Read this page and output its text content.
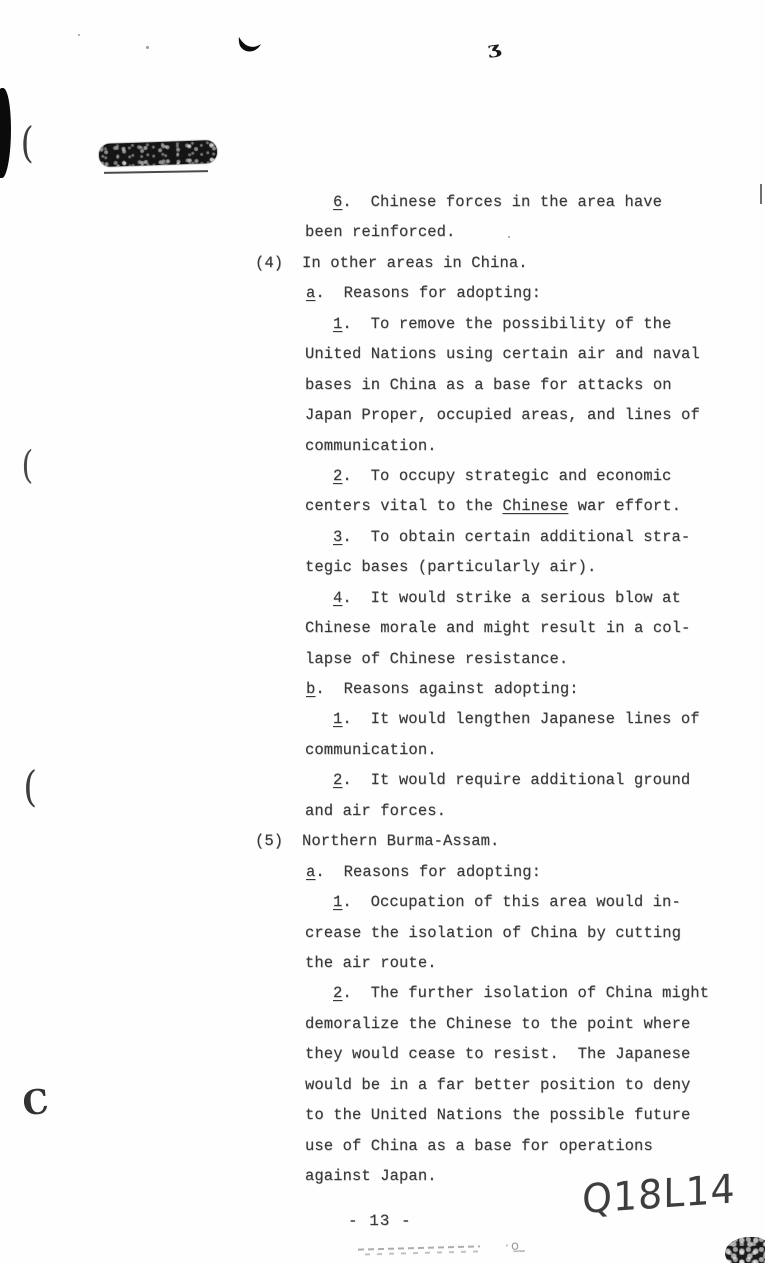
ʒ
(
(
(
C
6.  Chinese forces in the area have
been reinforced.
(4)  In other areas in China.
a.  Reasons for adopting:
1.  To remove the possibility of the
United Nations using certain air and naval
bases in China as a base for attacks on
Japan Proper, occupied areas, and lines of
communication.
2.  To occupy strategic and economic
centers vital to the Chinese war effort.
3.  To obtain certain additional stra-
tegic bases (particularly air).
4.  It would strike a serious blow at
Chinese morale and might result in a col-
lapse of Chinese resistance.
b.  Reasons against adopting:
1.  It would lengthen Japanese lines of
communication.
2.  It would require additional ground
and air forces.
(5)  Northern Burma-Assam.
a.  Reasons for adopting:
1.  Occupation of this area would in-
crease the isolation of China by cutting
the air route.
2.  The further isolation of China might
demoralize the Chinese to the point where
they would cease to resist.  The Japanese
would be in a far better position to deny
to the United Nations the possible future
use of China as a base for operations
against Japan.	Q18L14
- 13 -
·o͟ ̤
